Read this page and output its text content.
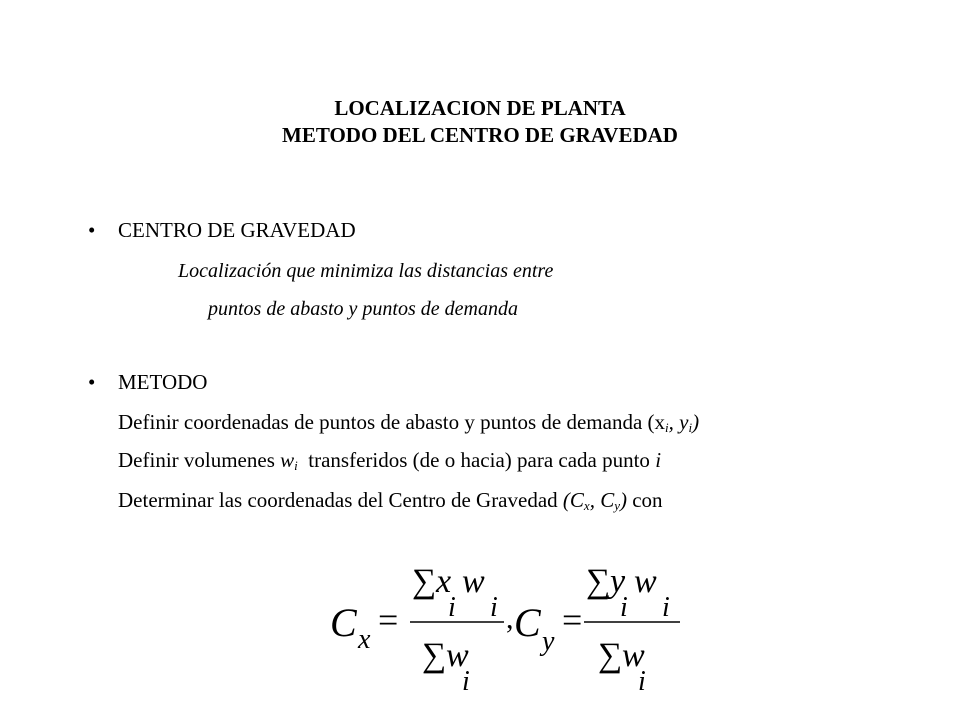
LOCALIZACION DE PLANTA
METODO DEL CENTRO DE GRAVEDAD
• CENTRO DE GRAVEDAD
Localización que minimiza las distancias entre
puntos de abasto y puntos de demanda
• METODO
Definir coordenadas de puntos de abasto y puntos de demanda ($x_i$, $y_i$)
Definir volumenes $w_i$  transferidos (de o hacia) para cada punto i
Determinar las coordenadas del Centro de Gravedad ($C_x$, $C_y$) con
C x =
∑ x w
i i
∑ w
i
, C y
=
∑ y w
i i
∑ w
i
